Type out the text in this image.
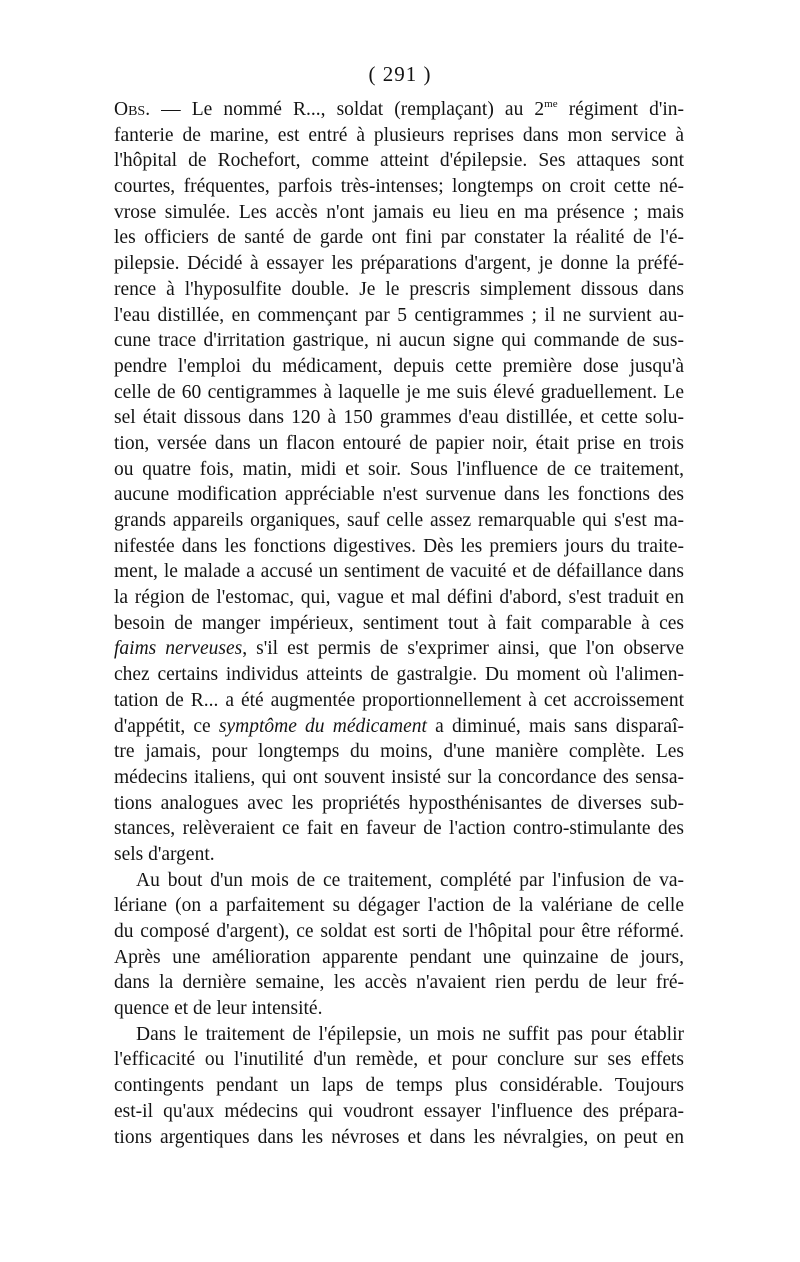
( 291 )
Obs. — Le nommé R..., soldat (remplaçant) au $2^{me}$ régiment d'in-
fanterie de marine, est entré à plusieurs reprises dans mon service à
l'hôpital de Rochefort, comme atteint d'épilepsie. Ses attaques sont
courtes, fréquentes, parfois très-intenses; longtemps on croit cette né-
vrose simulée. Les accès n'ont jamais eu lieu en ma présence ; mais
les officiers de santé de garde ont fini par constater la réalité de l'é-
pilepsie. Décidé à essayer les préparations d'argent, je donne la préfé-
rence à l'hyposulfite double. Je le prescris simplement dissous dans
l'eau distillée, en commençant par 5 centigrammes ; il ne survient au-
cune trace d'irritation gastrique, ni aucun signe qui commande de sus-
pendre l'emploi du médicament, depuis cette première dose jusqu'à
celle de 60 centigrammes à laquelle je me suis élevé graduellement. Le
sel était dissous dans 120 à 150 grammes d'eau distillée, et cette solu-
tion, versée dans un flacon entouré de papier noir, était prise en trois
ou quatre fois, matin, midi et soir. Sous l'influence de ce traitement,
aucune modification appréciable n'est survenue dans les fonctions des
grands appareils organiques, sauf celle assez remarquable qui s'est ma-
nifestée dans les fonctions digestives. Dès les premiers jours du traite-
ment, le malade a accusé un sentiment de vacuité et de défaillance dans
la région de l'estomac, qui, vague et mal défini d'abord, s'est traduit en
besoin de manger impérieux, sentiment tout à fait comparable à ces
faims nerveuses, s'il est permis de s'exprimer ainsi, que l'on observe
chez certains individus atteints de gastralgie. Du moment où l'alimen-
tation de R... a été augmentée proportionnellement à cet accroissement
d'appétit, ce symptôme du médicament a diminué, mais sans disparaî-
tre jamais, pour longtemps du moins, d'une manière complète. Les
médecins italiens, qui ont souvent insisté sur la concordance des sensa-
tions analogues avec les propriétés hyposthénisantes de diverses sub-
stances, relèveraient ce fait en faveur de l'action contro-stimulante des
sels d'argent.
Au bout d'un mois de ce traitement, complété par l'infusion de va-
lériane (on a parfaitement su dégager l'action de la valériane de celle
du composé d'argent), ce soldat est sorti de l'hôpital pour être réformé.
Après une amélioration apparente pendant une quinzaine de jours,
dans la dernière semaine, les accès n'avaient rien perdu de leur fré-
quence et de leur intensité.
Dans le traitement de l'épilepsie, un mois ne suffit pas pour établir
l'efficacité ou l'inutilité d'un remède, et pour conclure sur ses effets
contingents pendant un laps de temps plus considérable. Toujours
est-il qu'aux médecins qui voudront essayer l'influence des prépara-
tions argentiques dans les névroses et dans les névralgies, on peut en
